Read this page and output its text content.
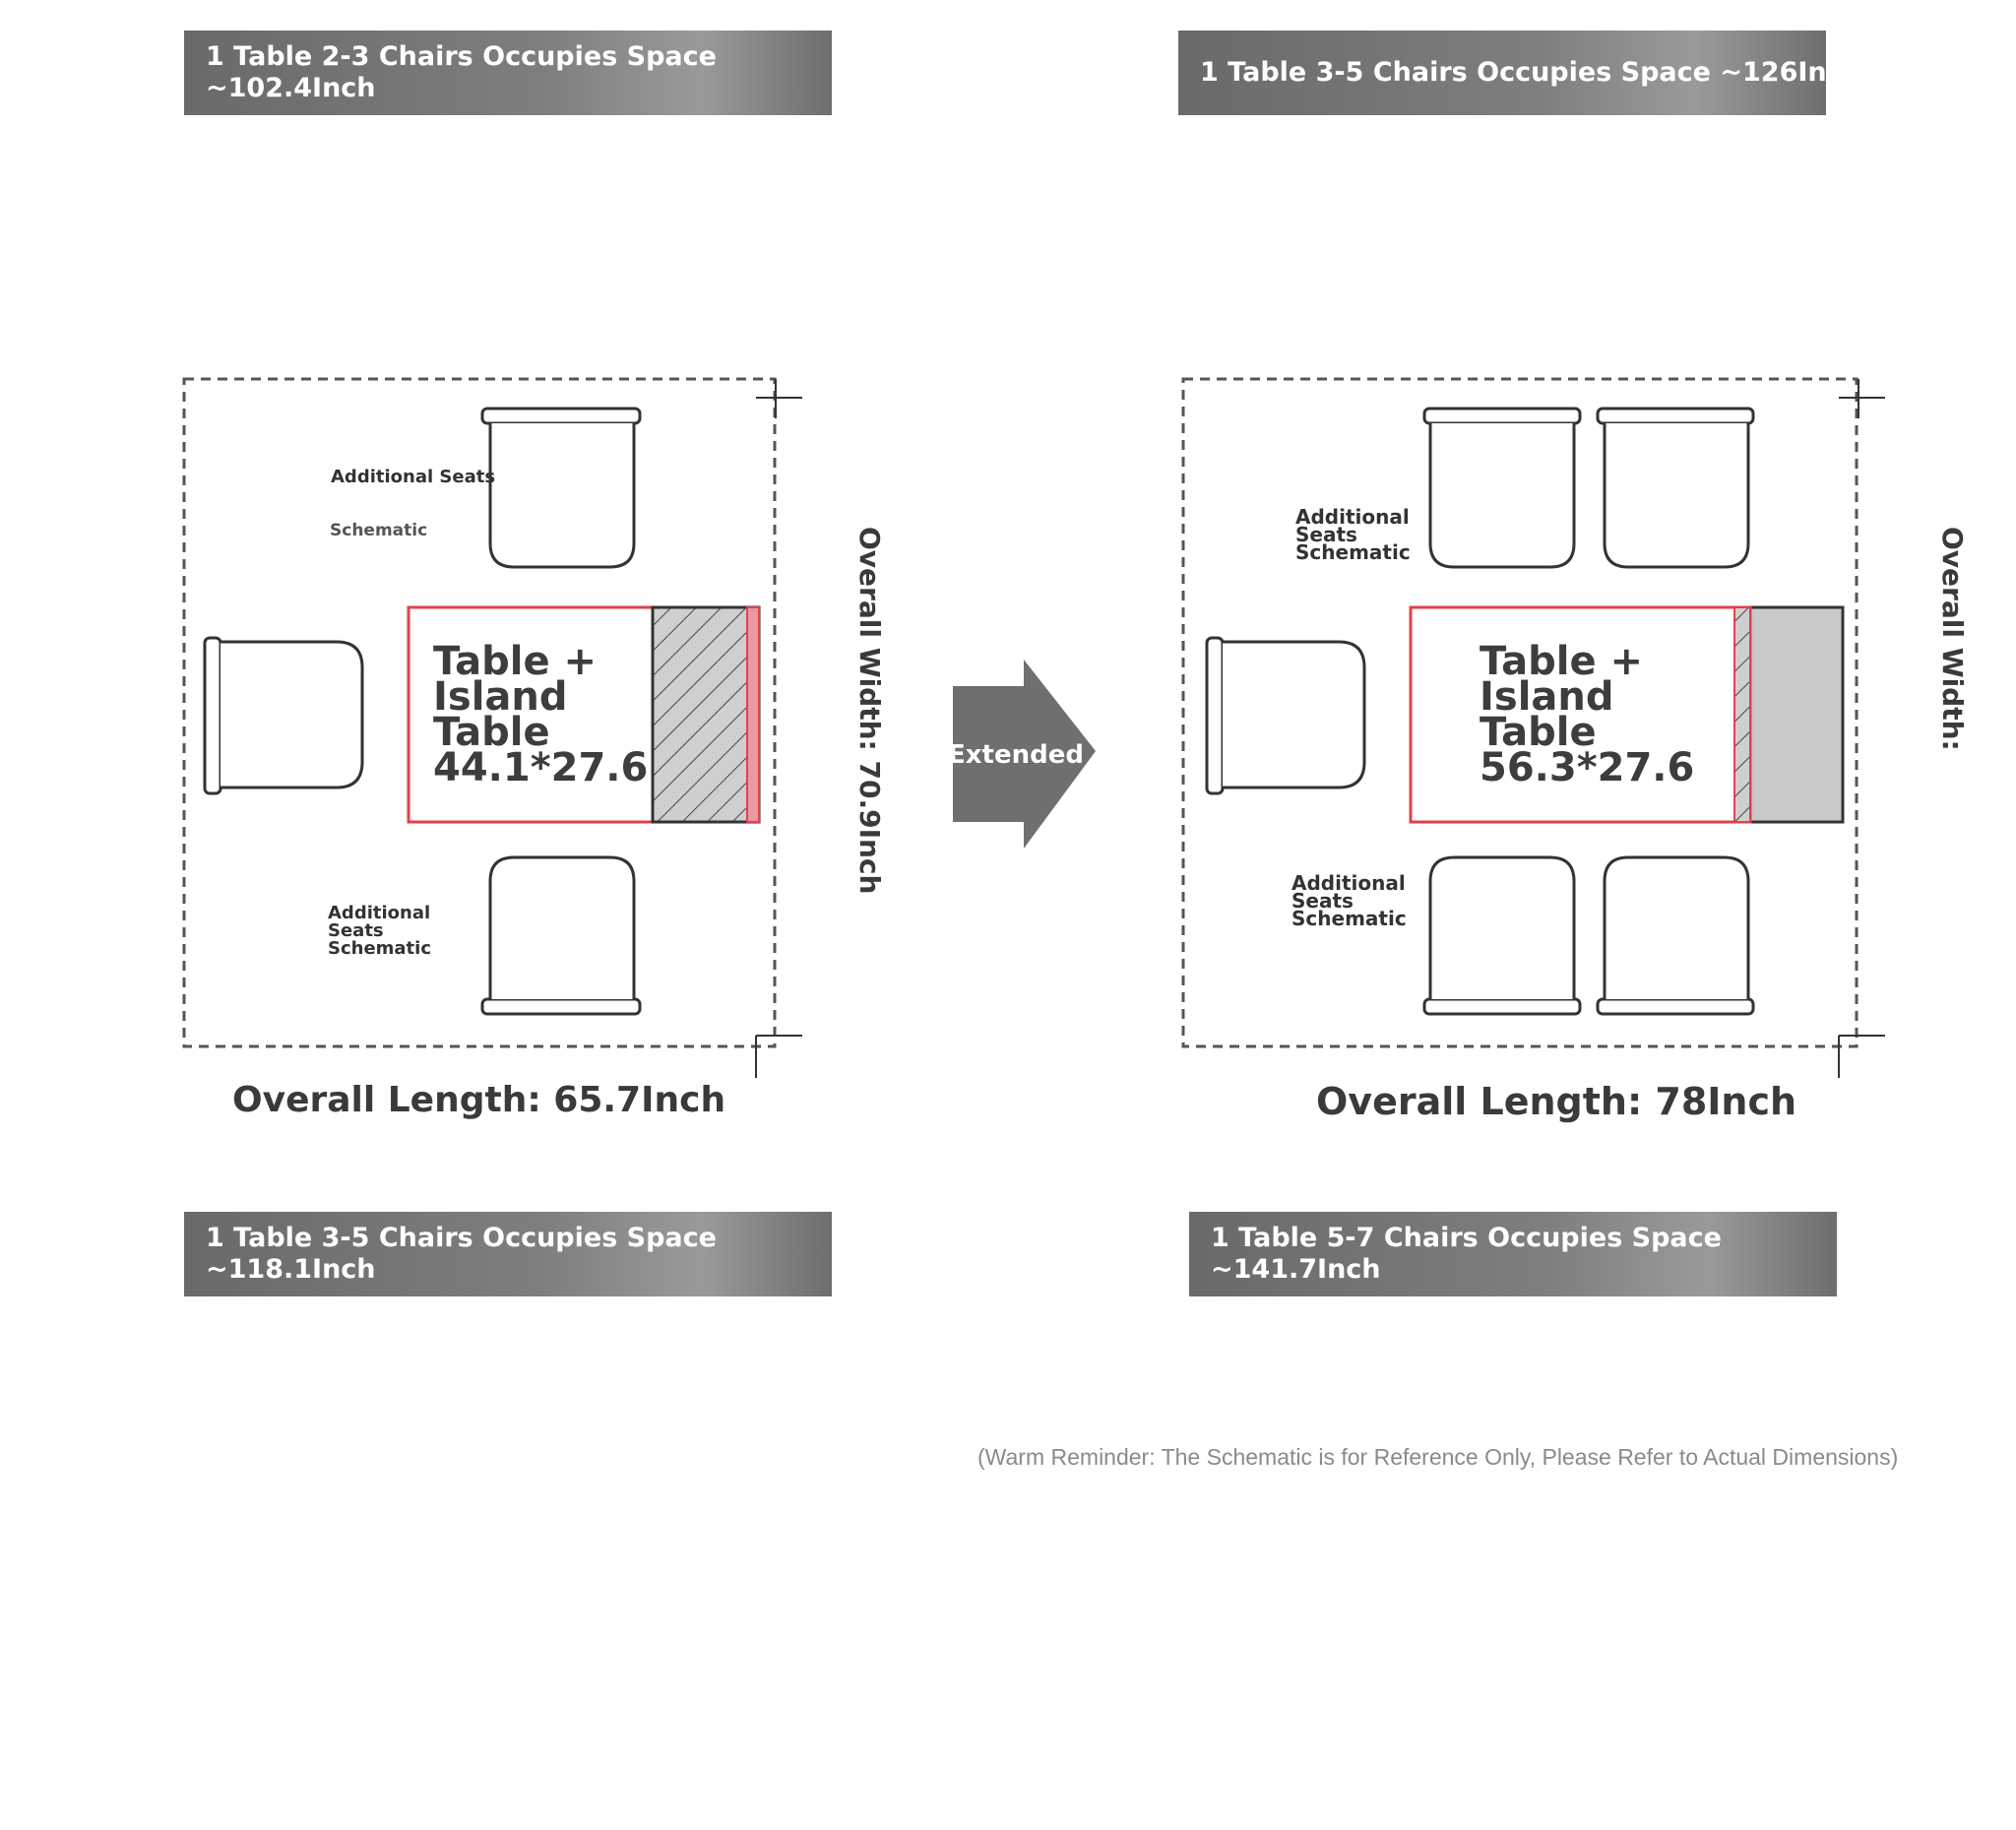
1 Table 2-3 Chairs Occupies Space
~102.4Inch
1 Table 3-5 Chairs Occupies Space ~126Inch
1 Table 3-5 Chairs Occupies Space
~118.1Inch
1 Table 5-7 Chairs Occupies Space
~141.7Inch
Additional Seats
Schematic
Additional
Seats
Schematic
Table +
Island
Table
44.1*27.6	Overall Width: 70.9Inch
Overall Length: 65.7Inch
Extended
Additional
Seats
Schematic
Additional
Seats
Schematic
Table +
Island
Table
56.3*27.6
Overall Width:
Overall Length: 78Inch
(Warm Reminder: The Schematic is for Reference Only, Please Refer to Actual Dimensions)
